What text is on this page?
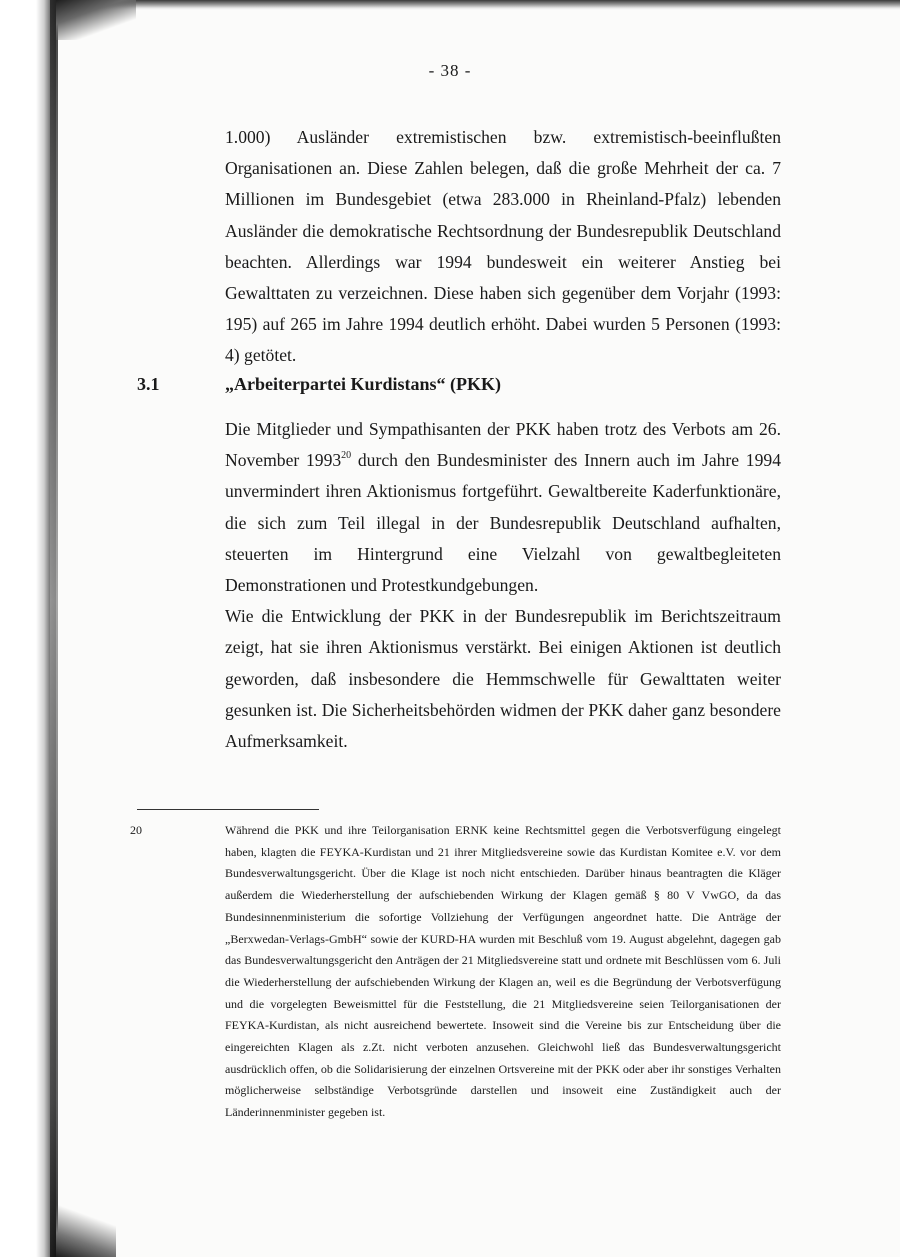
- 38 -

1.000) Ausländer extremistischen bzw. extremistisch-beeinflußten Organisationen an. Diese Zahlen belegen, daß die große Mehrheit der ca. 7 Millionen im Bundesgebiet (etwa 283.000 in Rheinland-Pfalz) lebenden Ausländer die demokratische Rechtsordnung der Bundesrepublik Deutschland beachten. Allerdings war 1994 bundesweit ein weiterer Anstieg bei Gewalttaten zu verzeichnen. Diese haben sich gegenüber dem Vorjahr (1993: 195) auf 265 im Jahre 1994 deutlich erhöht. Dabei wurden 5 Personen (1993: 4) getötet.

3.1	„Arbeiterpartei Kurdistans“ (PKK)

Die Mitglieder und Sympathisanten der PKK haben trotz des Verbots am 26. November 1993$^{20}$ durch den Bundesminister des Innern auch im Jahre 1994 unvermindert ihren Aktionismus fortgeführt. Gewaltbereite Kaderfunktionäre, die sich zum Teil illegal in der Bundesrepublik Deutschland aufhalten, steuerten im Hintergrund eine Vielzahl von gewaltbegleiteten Demonstrationen und Protestkundgebungen.

Wie die Entwicklung der PKK in der Bundesrepublik im Berichtszeitraum zeigt, hat sie ihren Aktionismus verstärkt. Bei einigen Aktionen ist deutlich geworden, daß insbesondere die Hemmschwelle für Gewalttaten weiter gesunken ist. Die Sicherheitsbehörden widmen der PKK daher ganz besondere Aufmerksamkeit.

20	Während die PKK und ihre Teilorganisation ERNK keine Rechtsmittel gegen die Verbotsverfügung eingelegt haben, klagten die FEYKA-Kurdistan und 21 ihrer Mitgliedsvereine sowie das Kurdistan Komitee e.V. vor dem Bundesverwaltungsgericht. Über die Klage ist noch nicht entschieden. Darüber hinaus beantragten die Kläger außerdem die Wiederherstellung der aufschiebenden Wirkung der Klagen gemäß § 80 V VwGO, da das Bundesinnenministerium die sofortige Vollziehung der Verfügungen angeordnet hatte. Die Anträge der „Berxwedan-Verlags-GmbH“ sowie der KURD-HA wurden mit Beschluß vom 19. August abgelehnt, dagegen gab das Bundesverwaltungsgericht den Anträgen der 21 Mitgliedsvereine statt und ordnete mit Beschlüssen vom 6. Juli die Wiederherstellung der aufschiebenden Wirkung der Klagen an, weil es die Begründung der Verbotsverfügung und die vorgelegten Beweismittel für die Feststellung, die 21 Mitgliedsvereine seien Teilorganisationen der FEYKA-Kurdistan, als nicht ausreichend bewertete. Insoweit sind die Vereine bis zur Entscheidung über die eingereichten Klagen als z.Zt. nicht verboten anzusehen. Gleichwohl ließ das Bundesverwaltungsgericht ausdrücklich offen, ob die Solidarisierung der einzelnen Ortsvereine mit der PKK oder aber ihr sonstiges Verhalten möglicherweise selbständige Verbotsgründe darstellen und insoweit eine Zuständigkeit auch der Länderinnenminister gegeben ist.
